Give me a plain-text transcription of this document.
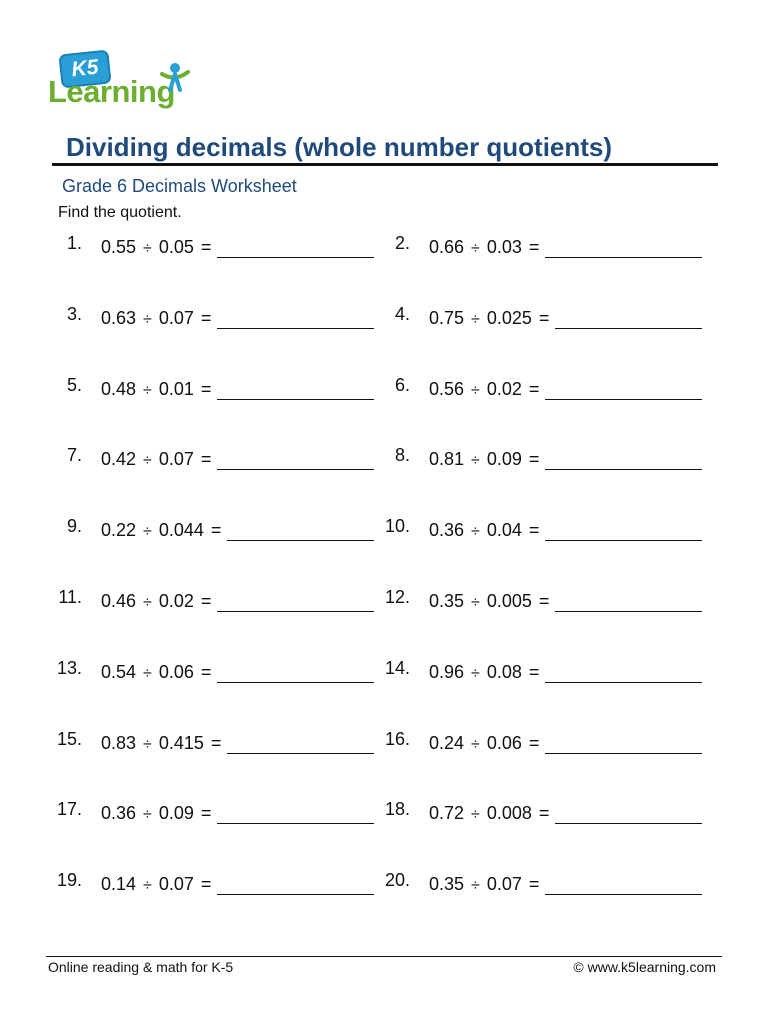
K5
Learning
Dividing decimals (whole number quotients)
Grade 6 Decimals Worksheet
Find the quotient.
1. 0.55 ÷ 0.05 =	2. 0.66 ÷ 0.03 =
3. 0.63 ÷ 0.07 =	4. 0.75 ÷ 0.025 =
5. 0.48 ÷ 0.01 =	6. 0.56 ÷ 0.02 =
7. 0.42 ÷ 0.07 =	8. 0.81 ÷ 0.09 =
9. 0.22 ÷ 0.044 =	10. 0.36 ÷ 0.04 =
11. 0.46 ÷ 0.02 =	12. 0.35 ÷ 0.005 =
13. 0.54 ÷ 0.06 =	14. 0.96 ÷ 0.08 =
15. 0.83 ÷ 0.415 =	16. 0.24 ÷ 0.06 =
17. 0.36 ÷ 0.09 =	18. 0.72 ÷ 0.008 =
19. 0.14 ÷ 0.07 =	20. 0.35 ÷ 0.07 =
Online reading & math for K-5	© www.k5learning.com
